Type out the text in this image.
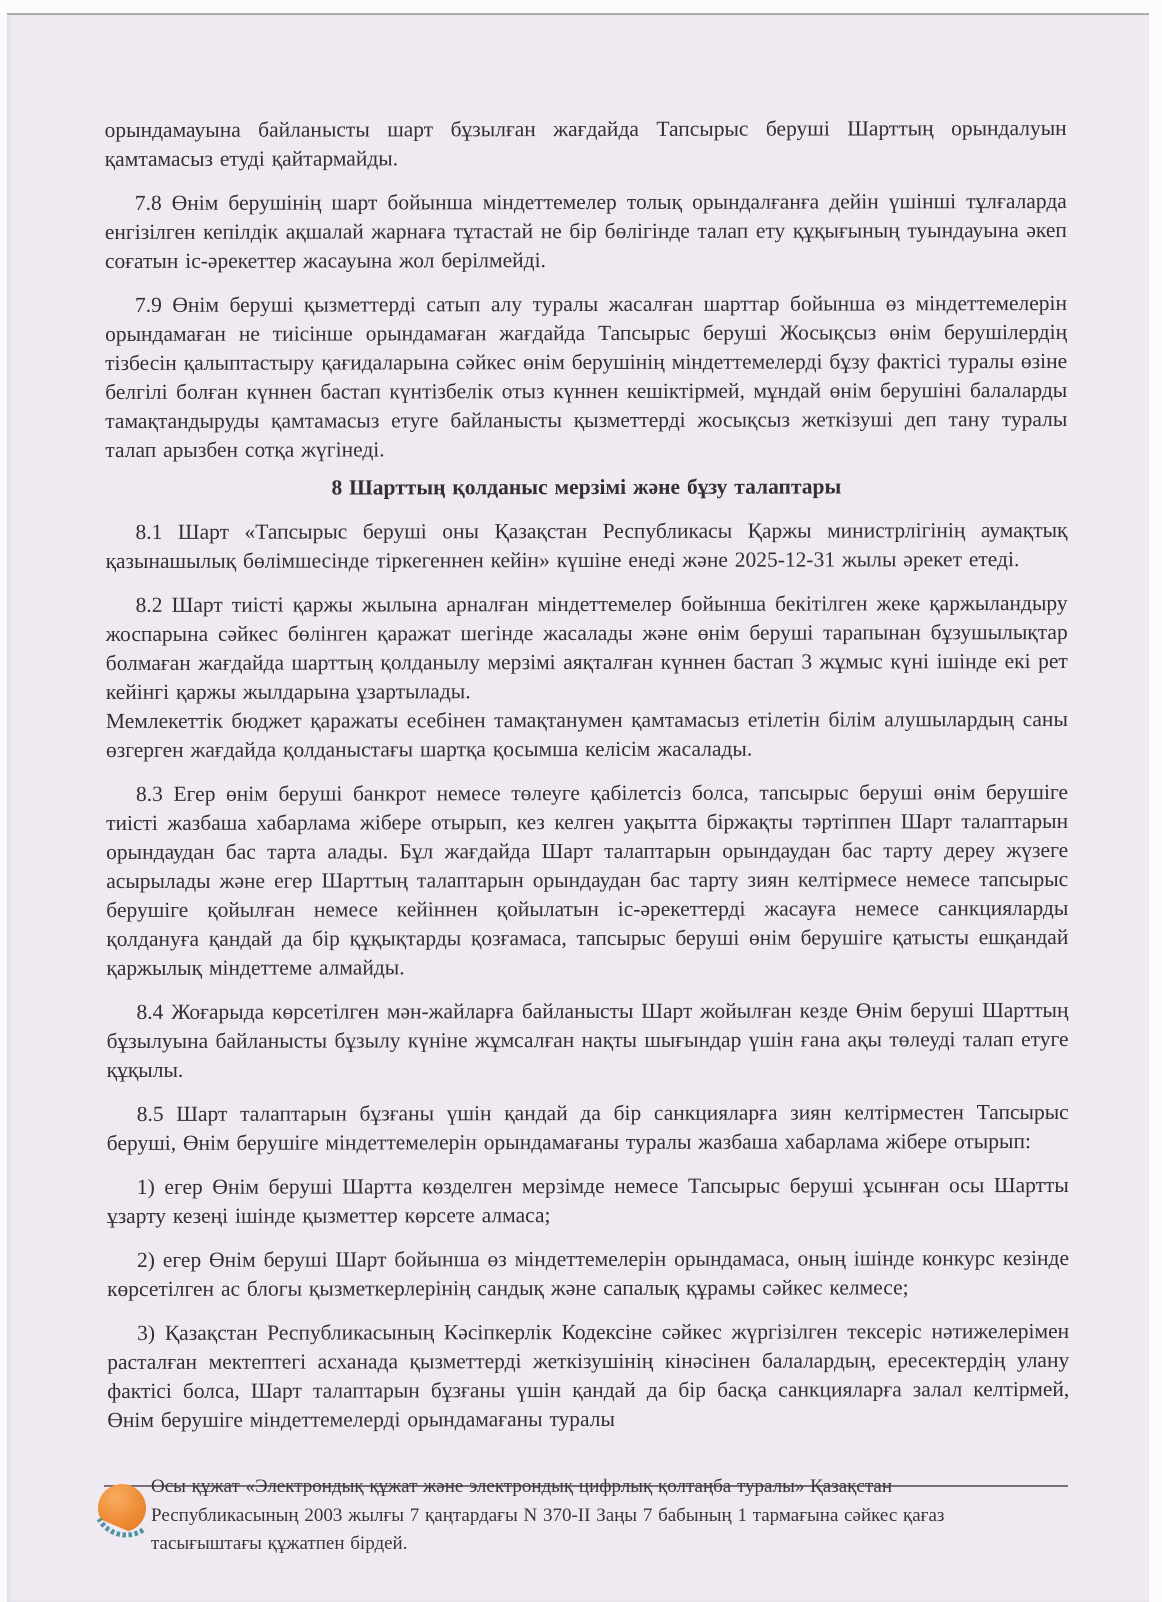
орындамауына байланысты шарт бұзылған жағдайда Тапсырыс беруші Шарттың орындалуын қамтамасыз етуді қайтармайды.

7.8 Өнім берушінің шарт бойынша міндеттемелер толық орындалғанға дейін үшінші тұлғаларда енгізілген кепілдік ақшалай жарнаға тұтастай не бір бөлігінде талап ету құқығының туындауына әкеп соғатын іс-әрекеттер жасауына жол берілмейді.

7.9 Өнім беруші қызметтерді сатып алу туралы жасалған шарттар бойынша өз міндеттемелерін орындамаған не тиісінше орындамаған жағдайда Тапсырыс беруші Жосықсыз өнім берушілердің тізбесін қалыптастыру қағидаларына сәйкес өнім берушінің міндеттемелерді бұзу фактісі туралы өзіне белгілі болған күннен бастап күнтізбелік отыз күннен кешіктірмей, мұндай өнім берушіні балаларды тамақтандыруды қамтамасыз етуге байланысты қызметтерді жосықсыз жеткізуші деп тану туралы талап арызбен сотқа жүгінеді.

8 Шарттың қолданыс мерзімі және бұзу талаптары

8.1 Шарт «Тапсырыс беруші оны Қазақстан Республикасы Қаржы министрлігінің аумақтық қазынашылық бөлімшесінде тіркегеннен кейін» күшіне енеді және 2025-12-31 жылы әрекет етеді.

8.2 Шарт тиісті қаржы жылына арналған міндеттемелер бойынша бекітілген жеке қаржыландыру жоспарына сәйкес бөлінген қаражат шегінде жасалады және өнім беруші тарапынан бұзушылықтар болмаған жағдайда шарттың қолданылу мерзімі аяқталған күннен бастап 3 жұмыс күні ішінде екі рет кейінгі қаржы жылдарына ұзартылады.

Мемлекеттік бюджет қаражаты есебінен тамақтанумен қамтамасыз етілетін білім алушылардың саны өзгерген жағдайда қолданыстағы шартқа қосымша келісім жасалады.

8.3 Егер өнім беруші банкрот немесе төлеуге қабілетсіз болса, тапсырыс беруші өнім берушіге тиісті жазбаша хабарлама жібере отырып, кез келген уақытта біржақты тәртіппен Шарт талаптарын орындаудан бас тарта алады. Бұл жағдайда Шарт талаптарын орындаудан бас тарту дереу жүзеге асырылады және егер Шарттың талаптарын орындаудан бас тарту зиян келтірмесе немесе тапсырыс берушіге қойылған немесе кейіннен қойылатын іс-әрекеттерді жасауға немесе санкцияларды қолдануға қандай да бір құқықтарды қозғамаса, тапсырыс беруші өнім берушіге қатысты ешқандай қаржылық міндеттеме алмайды.

8.4 Жоғарыда көрсетілген мән-жайларға байланысты Шарт жойылған кезде Өнім беруші Шарттың бұзылуына байланысты бұзылу күніне жұмсалған нақты шығындар үшін ғана ақы төлеуді талап етуге құқылы.

8.5 Шарт талаптарын бұзғаны үшін қандай да бір санкцияларға зиян келтірместен Тапсырыс беруші, Өнім берушіге міндеттемелерін орындамағаны туралы жазбаша хабарлама жібере отырып:

1) егер Өнім беруші Шартта көзделген мерзімде немесе Тапсырыс беруші ұсынған осы Шартты ұзарту кезеңі ішінде қызметтер көрсете алмаса;

2) егер Өнім беруші Шарт бойынша өз міндеттемелерін орындамаса, оның ішінде конкурс кезінде көрсетілген ас блогы қызметкерлерінің сандық және сапалық құрамы сәйкес келмесе;

3) Қазақстан Республикасының Кәсіпкерлік Кодексіне сәйкес жүргізілген тексеріс нәтижелерімен расталған мектептегі асханада қызметтерді жеткізушінің кінәсінен балалардың, ересектердің улану фактісі болса, Шарт талаптарын бұзғаны үшін қандай да бір басқа санкцияларға залал келтірмей, Өнім берушіге міндеттемелерді орындамағаны туралы

Осы құжат «Электрондық құжат және электрондық цифрлық қолтаңба туралы» Қазақстан Республикасының 2003 жылғы 7 қаңтардағы N 370-II Заңы 7 бабының 1 тармағына сәйкес қағаз тасығыштағы құжатпен бірдей.
